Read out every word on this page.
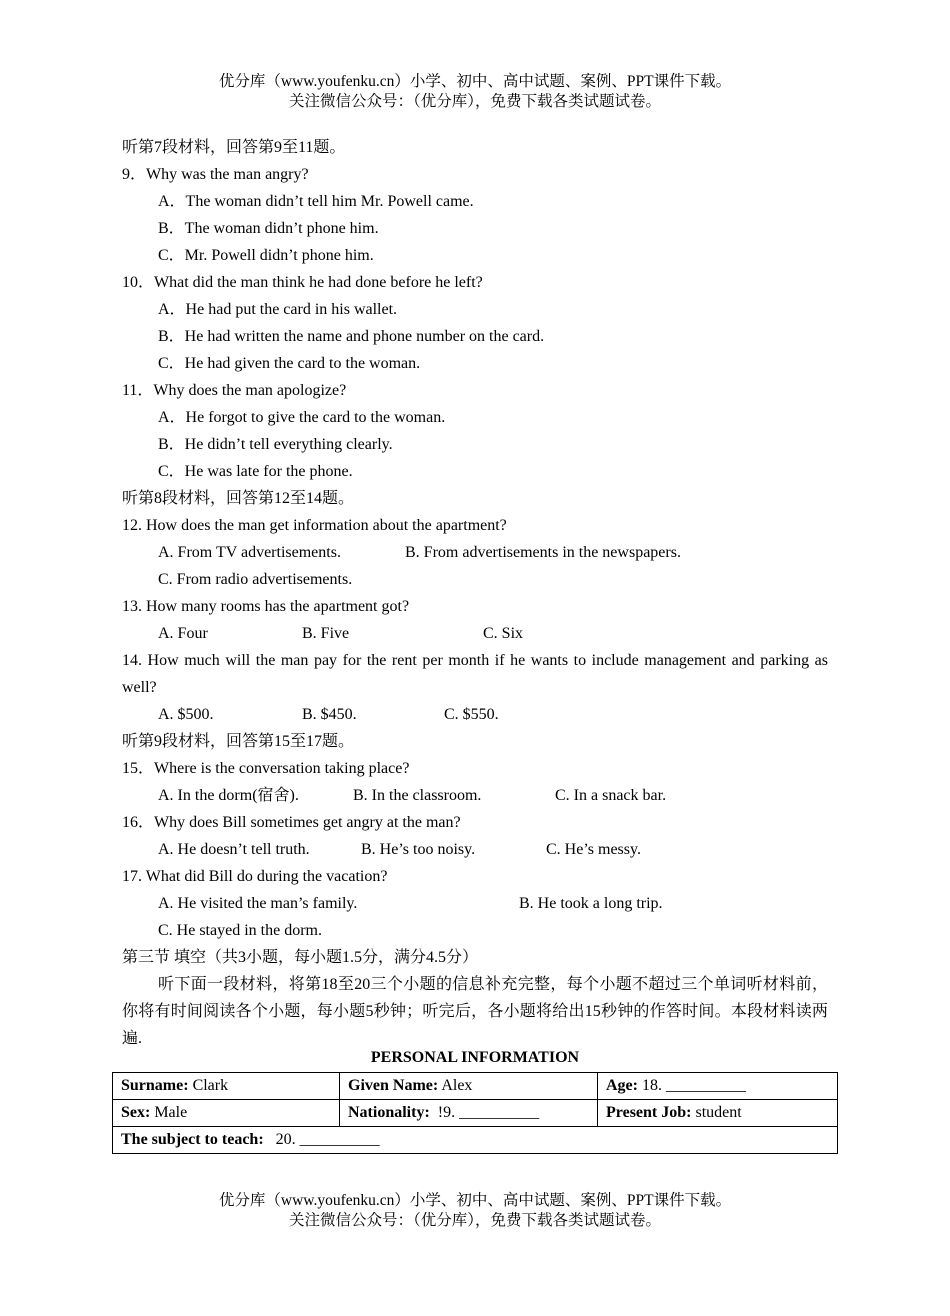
优分库（www.youfenku.cn）小学、初中、高中试题、案例、PPT课件下载。
关注微信公众号：（优分库），免费下载各类试题试卷。
听第7段材料，回答第9至11题。
9．Why was the man angry?
A．The woman didn’t tell him Mr. Powell came.
B．The woman didn’t phone him.
C．Mr. Powell didn’t phone him.
10．What did the man think he had done before he left?
A．He had put the card in his wallet.
B．He had written the name and phone number on the card.
C．He had given the card to the woman.
11．Why does the man apologize?
A．He forgot to give the card to the woman.
B．He didn’t tell everything clearly.
C．He was late for the phone.
听第8段材料，回答第12至14题。
12. How does the man get information about the apartment?
A. From TV advertisements.	B. From advertisements in the newspapers.
C. From radio advertisements.
13. How many rooms has the apartment got?
A. Four	B. Five	C. Six
14. How much will the man pay for the rent per month if he wants to include management and parking as well?
A. $500.	B. $450.	C. $550.
听第9段材料，回答第15至17题。
15．Where is the conversation taking place?
A. In the dorm(宿舍).	B. In the classroom.	C. In a snack bar.
16．Why does Bill sometimes get angry at the man?
A. He doesn’t tell truth.	B. He’s too noisy.	C. He’s messy.
17. What did Bill do during the vacation?
A. He visited the man’s family.	B. He took a long trip.
C. He stayed in the dorm.
第三节 填空（共3小题，每小题1.5分，满分4.5分）
听下面一段材料，将第18至20三个小题的信息补充完整，每个小题不超过三个单词听材料前，你将有时间阅读各个小题，每小题5秒钟；听完后，各小题将给出15秒钟的作答时间。本段材料读两遍.
PERSONAL INFORMATION
Surname: Clark	Given Name: Alex	Age: 18. __________
Sex: Male	Nationality:  !9. __________	Present Job: student
The subject to teach:   20. __________		
优分库（www.youfenku.cn）小学、初中、高中试题、案例、PPT课件下载。
关注微信公众号：（优分库），免费下载各类试题试卷。
